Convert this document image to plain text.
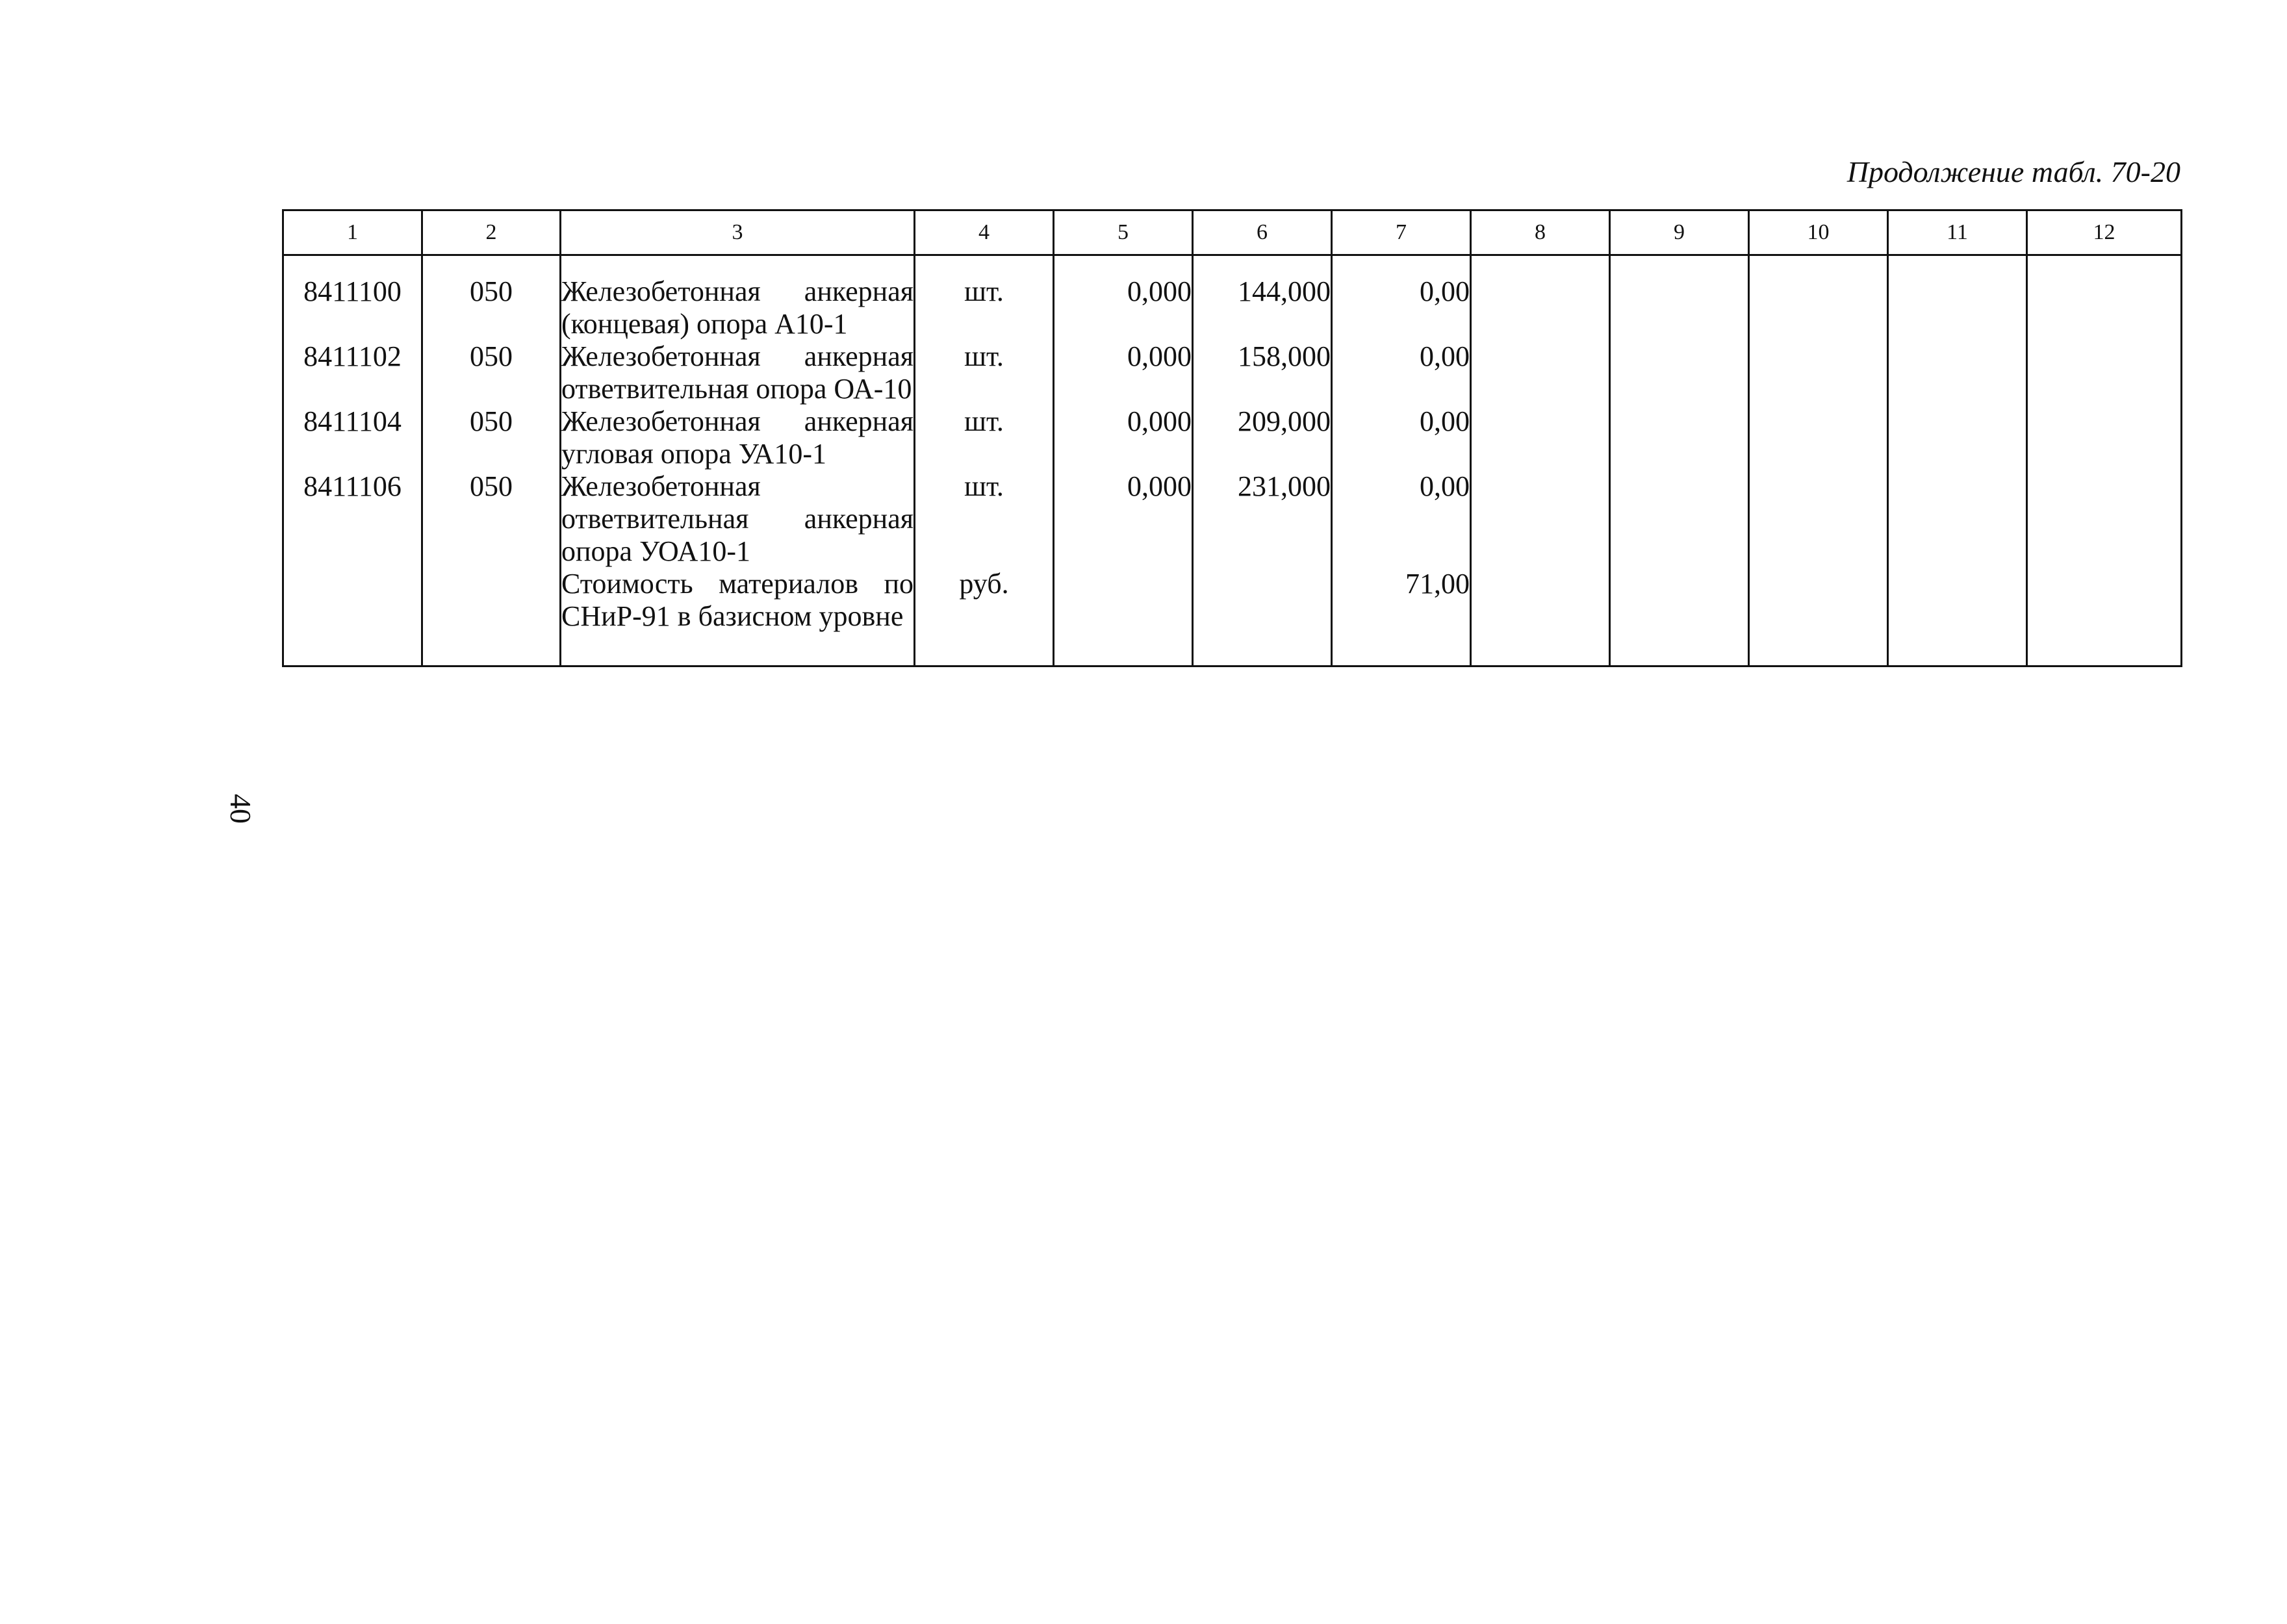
Продолжение табл. 70-20
40
1	2	3	4	5	6	7	8	9	10	11	12
8411100	050	Железобетонная анкерная (концевая) опора А10-1	шт.	0,000	144,000	0,00					
8411102	050	Железобетонная анкерная ответвительная опора ОА-10	шт.	0,000	158,000	0,00					
8411104	050	Железобетонная анкерная угловая опора УА10-1	шт.	0,000	209,000	0,00					
8411106	050	Железобетонная ответвительная анкерная опора УОА10-1	шт.	0,000	231,000	0,00					
		Стоимость материалов по СНиР-91 в базисном уровне	руб.			71,00					
